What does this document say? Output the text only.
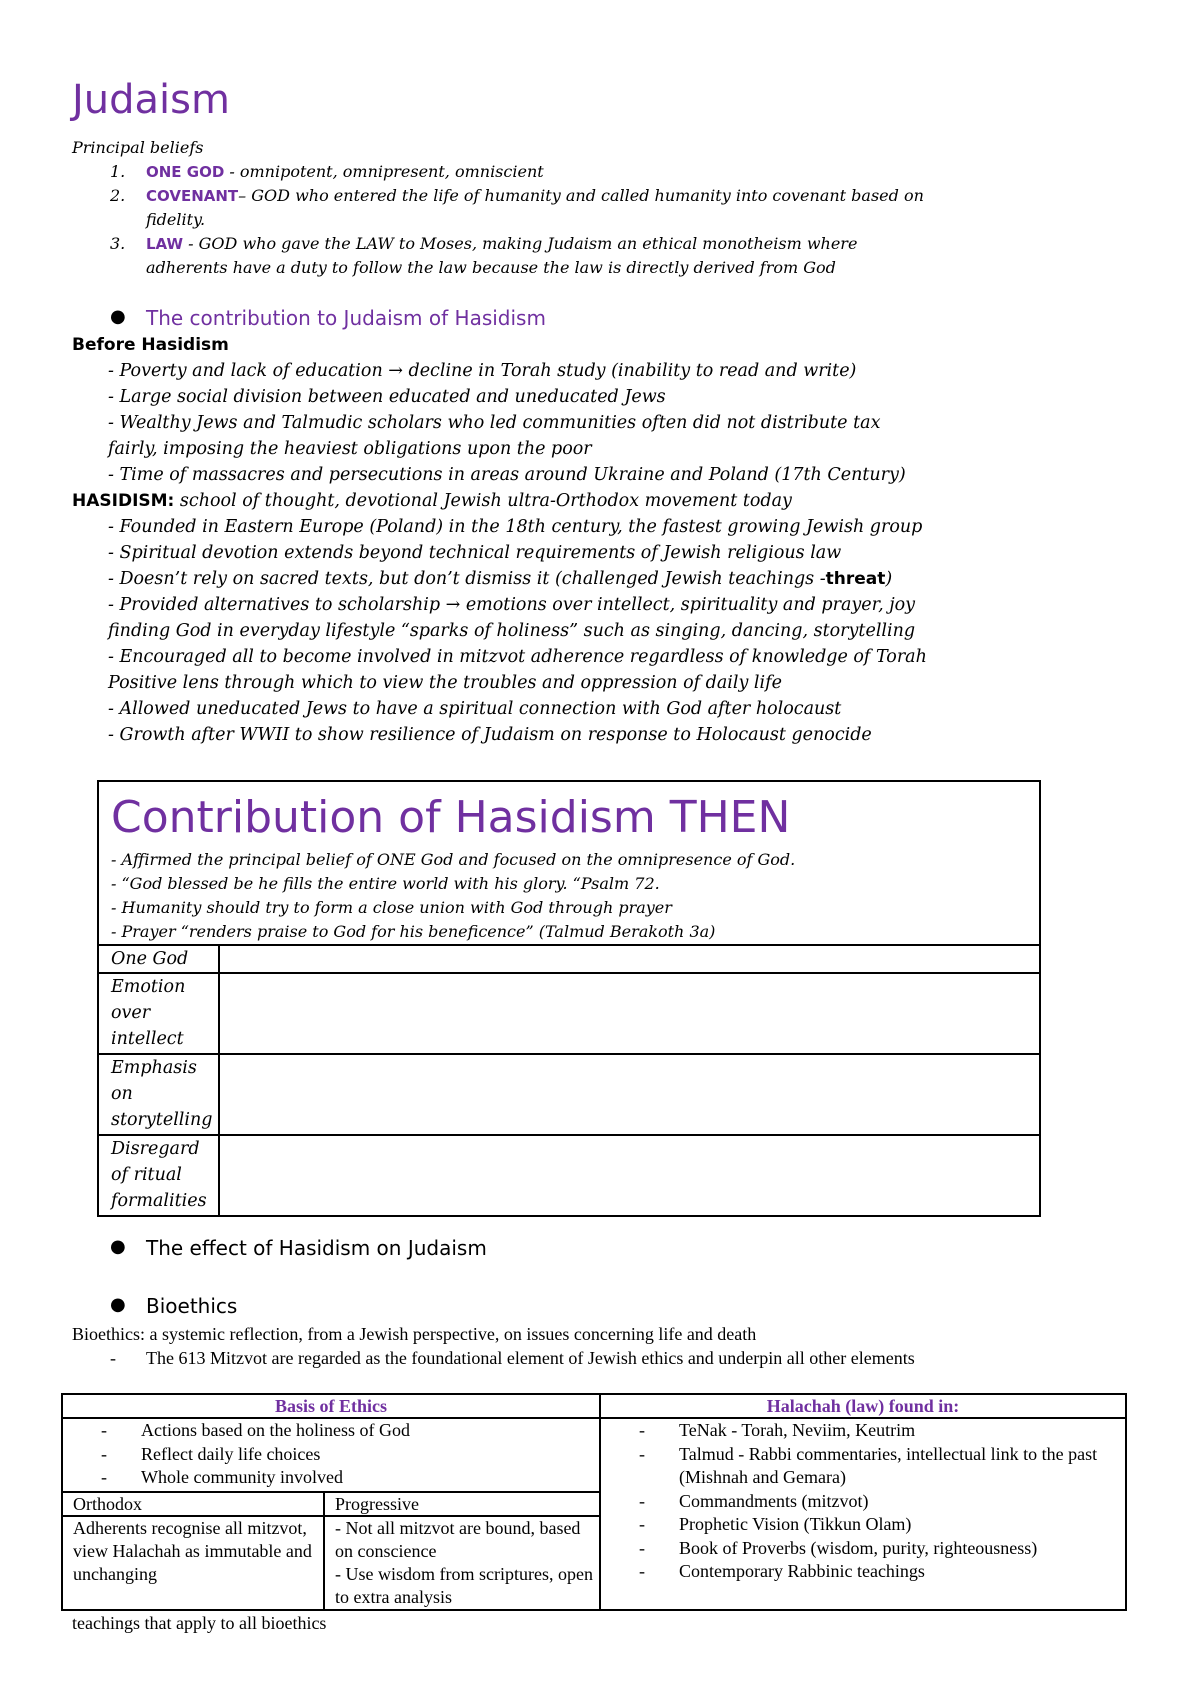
Judaism
Principal beliefs
1.	ONE GOD - omnipotent, omnipresent, omniscient
2.	COVENANT– GOD who entered the life of humanity and called humanity into covenant based on fidelity.
3.	LAW - GOD who gave the LAW to Moses, making Judaism an ethical monotheism where adherents have a duty to follow the law because the law is directly derived from God
● The contribution to Judaism of Hasidism
Before Hasidism
- Poverty and lack of education → decline in Torah study (inability to read and write)
- Large social division between educated and uneducated Jews
- Wealthy Jews and Talmudic scholars who led communities often did not distribute tax
fairly, imposing the heaviest obligations upon the poor
- Time of massacres and persecutions in areas around Ukraine and Poland (17th Century)
HASIDISM: school of thought, devotional Jewish ultra-Orthodox movement today
- Founded in Eastern Europe (Poland) in the 18th century, the fastest growing Jewish group
- Spiritual devotion extends beyond technical requirements of Jewish religious law
- Doesn’t rely on sacred texts, but don’t dismiss it (challenged Jewish teachings -threat)
- Provided alternatives to scholarship → emotions over intellect, spirituality and prayer, joy
finding God in everyday lifestyle “sparks of holiness” such as singing, dancing, storytelling
- Encouraged all to become involved in mitzvot adherence regardless of knowledge of Torah
Positive lens through which to view the troubles and oppression of daily life
- Allowed uneducated Jews to have a spiritual connection with God after holocaust
- Growth after WWII to show resilience of Judaism on response to Holocaust genocide
Contribution of Hasidism THEN
- Affirmed the principal belief of ONE God and focused on the omnipresence of God.
- “God blessed be he fills the entire world with his glory. “Psalm 72.
- Humanity should try to form a close union with God through prayer
- Prayer “renders praise to God for his beneficence” (Talmud Berakoth 3a)
One God
Emotion over intellect
Emphasis on storytelling
Disregard of ritual formalities
● The effect of Hasidism on Judaism
● Bioethics
Bioethics: a systemic reflection, from a Jewish perspective, on issues concerning life and death
- The 613 Mitzvot are regarded as the foundational element of Jewish ethics and underpin all other elements
Basis of Ethics
- Actions based on the holiness of God
- Reflect daily life choices
- Whole community involved
Orthodox	Progressive
Adherents recognise all mitzvot, view Halachah as immutable and unchanging
- Not all mitzvot are bound, based on conscience
- Use wisdom from scriptures, open to extra analysis
Halachah (law) found in:
- TeNak - Torah, Neviim, Keutrim
- Talmud - Rabbi commentaries, intellectual link to the past (Mishnah and Gemara)
- Commandments (mitzvot)
- Prophetic Vision (Tikkun Olam)
- Book of Proverbs (wisdom, purity, righteousness)
- Contemporary Rabbinic teachings
teachings that apply to all bioethics
